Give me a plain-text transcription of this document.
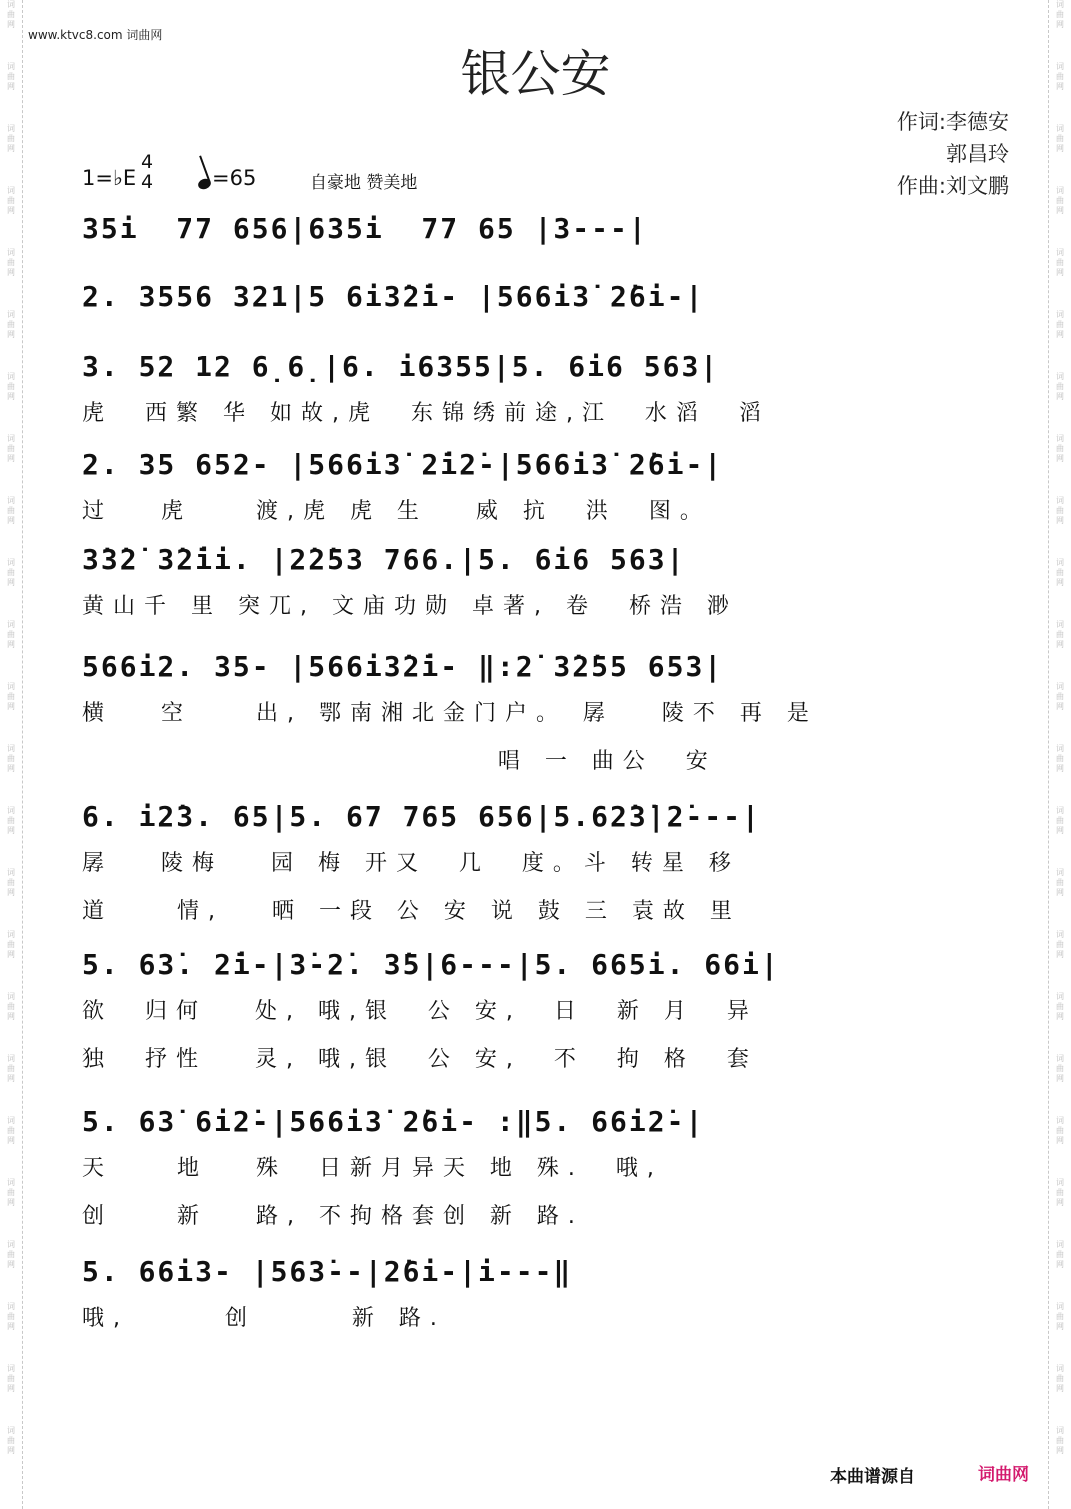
词曲网
词曲网
词曲网
词曲网
词曲网
词曲网
词曲网
词曲网
词曲网
词曲网
词曲网
词曲网
词曲网
词曲网
词曲网
词曲网
词曲网
词曲网
词曲网
词曲网
词曲网
词曲网
词曲网
词曲网
词曲网
词曲网
词曲网
词曲网
词曲网
词曲网
词曲网
词曲网
词曲网
词曲网
词曲网
词曲网
词曲网
词曲网
词曲网
词曲网
词曲网
词曲网
词曲网
词曲网
词曲网
词曲网
词曲网
词曲网
www.ktvc8.com 词曲网
银公安
作词:李德安
郭昌玲
作曲:刘文鹏
1=♭E
4
4	=65	自豪地 赞美地
35i  77 656|635i  77 65 |3---|
2. 3556 321|5 6i3̇2̇i- |566i3̇ 2̇6i-|
3. 52 12 6̣6̣|6. i6355|5. 6i6 563|
虎  西繁 华 如故,虎  东锦绣前途,江  水滔  滔
2. 35 652- |566i3̇ 2̇i2̇-|566i3̇ 2̇6i-|
过   虎    渡,虎 虎 生   威 抗  洪  图。
3̇3̇2̇ 3̇2̇ii. |2̇2̇53 766.|5. 6i6 563|
黄山千 里 突兀, 文庙功勋 卓著, 卷  桥浩 渺
566i2. 35- |566i3̇2̇i- ‖:2̇ 3̇2̇55 653|
横   空    出, 鄂南湘北金门户。 孱   陵不 再 是
唱 一 曲公  安
6. i2̇3. 65|5. 67 765 656|5.62̇3̇|2̇---|
孱   陵梅   园 梅 开又  几  度。斗 转星 移
道    情,   晒 一段 公 安 说 鼓 三 袁故 里
5. 63̇. 2̇i-|3̇-2̇. 3̇5|6---|5. 665i. 66i|
欲  归何   处, 哦,银  公 安,  日  新 月  异
独  抒性   灵, 哦,银  公 安,  不  拘 格  套
5. 63̇ 6i2̇-|566i3̇ 2̇6i- :‖5. 66i2̇-|
天    地   殊  日新月异天 地 殊.  哦,
创    新   路, 不拘格套创 新 路.
5. 66i3- |563̇--|2̇6i-|i---‖
哦,      创      新 路.
本曲谱源自	词曲网
